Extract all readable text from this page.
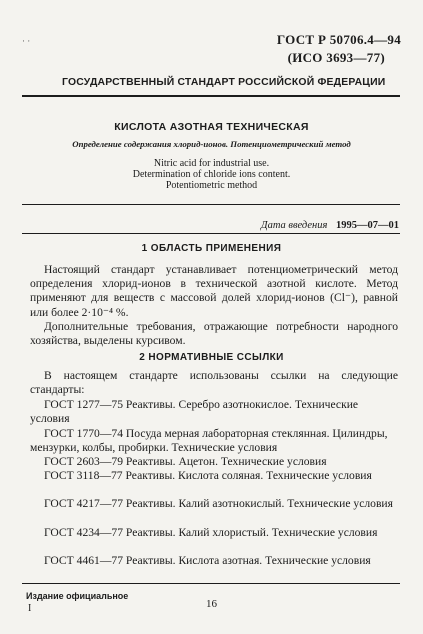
· ·	ГОСТ Р 50706.4—94
(ИСО 3693—77)
ГОСУДАРСТВЕННЫЙ СТАНДАРТ РОССИЙСКОЙ ФЕДЕРАЦИИ
КИСЛОТА АЗОТНАЯ ТЕХНИЧЕСКАЯ
Определение содержания хлорид-ионов. Потенциометрический метод
Nitric acid for industrial use.
Determination of chloride ions content.
Potentiometric method
Дата введения 1995—07—01
1 ОБЛАСТЬ ПРИМЕНЕНИЯ
Настоящий стандарт устанавливает потенциометрический метод определения хлорид-ионов в технической азотной кислоте. Метод применяют для веществ с массовой долей хлорид-ионов (Cl⁻), равной или более 2·10⁻⁴ %.
Дополнительные требования, отражающие потребности народного хозяйства, выделены курсивом.
2 НОРМАТИВНЫЕ ССЫЛКИ
В настоящем стандарте использованы ссылки на следующие стандарты:
ГОСТ 1277—75 Реактивы. Серебро азотнокислое. Технические условия
ГОСТ 1770—74 Посуда мерная лабораторная стеклянная. Цилиндры, мензурки, колбы, пробирки. Технические условия
ГОСТ 2603—79 Реактивы. Ацетон. Технические условия
ГОСТ 3118—77 Реактивы. Кислота соляная. Технические условия
ГОСТ 4217—77 Реактивы. Калий азотнокислый. Технические условия
ГОСТ 4234—77 Реактивы. Калий хлористый. Технические условия
ГОСТ 4461—77 Реактивы. Кислота азотная. Технические условия
Издание официальное
I	16
